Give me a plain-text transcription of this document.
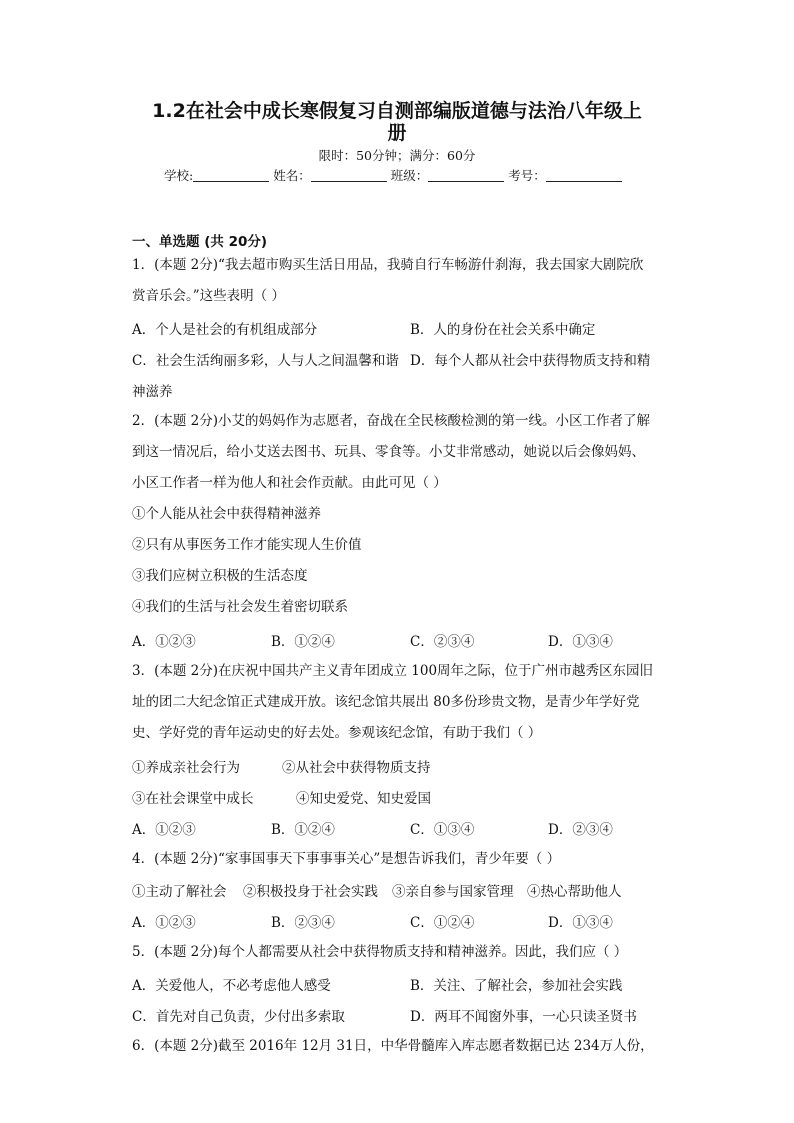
1.2在社会中成长寒假复习自测部编版道德与法治八年级上
册
限时：50分钟；满分：60分
学校:	姓名：	班级：	考号：
一、单选题 (共 20分)
1．(本题 2分)“我去超市购买生活日用品，我骑自行车畅游什刹海，我去国家大剧院欣
赏音乐会。”这些表明（ ）
A．个人是社会的有机组成部分	B．人的身份在社会关系中确定
C．社会生活绚丽多彩，人与人之间温馨和谐 D．每个人都从社会中获得物质支持和精
神滋养
2．(本题 2分)小艾的妈妈作为志愿者，奋战在全民核酸检测的第一线。小区工作者了解
到这一情况后，给小艾送去图书、玩具、零食等。小艾非常感动，她说以后会像妈妈、
小区工作者一样为他人和社会作贡献。由此可见（ ）
①个人能从社会中获得精神滋养
②只有从事医务工作才能实现人生价值
③我们应树立积极的生活态度
④我们的生活与社会发生着密切联系
A．①②③	B．①②④	C．②③④	D．①③④
3．(本题 2分)在庆祝中国共产主义青年团成立 100周年之际，位于广州市越秀区东园旧
址的团二大纪念馆正式建成开放。该纪念馆共展出 80多份珍贵文物，是青少年学好党
史、学好党的青年运动史的好去处。参观该纪念馆，有助于我们（ ）
①养成亲社会行为	②从社会中获得物质支持
③在社会课堂中成长	④知史爱党、知史爱国
A．①②③	B．①②④	C．①③④	D．②③④
4．(本题 2分)“家事国事天下事事事关心”是想告诉我们，青少年要（ ）
①主动了解社会 ②积极投身于社会实践 ③亲自参与国家管理 ④热心帮助他人
A．①②③	B．②③④	C．①②④	D．①③④
5．(本题 2分)每个人都需要从社会中获得物质支持和精神滋养。因此，我们应（ ）
A．关爱他人，不必考虑他人感受	B．关注、了解社会，参加社会实践
C．首先对自己负责，少付出多索取	D．两耳不闻窗外事，一心只读圣贤书
6．(本题 2分)截至 2016年 12月 31日，中华骨髓库入库志愿者数据已达 234万人份，
